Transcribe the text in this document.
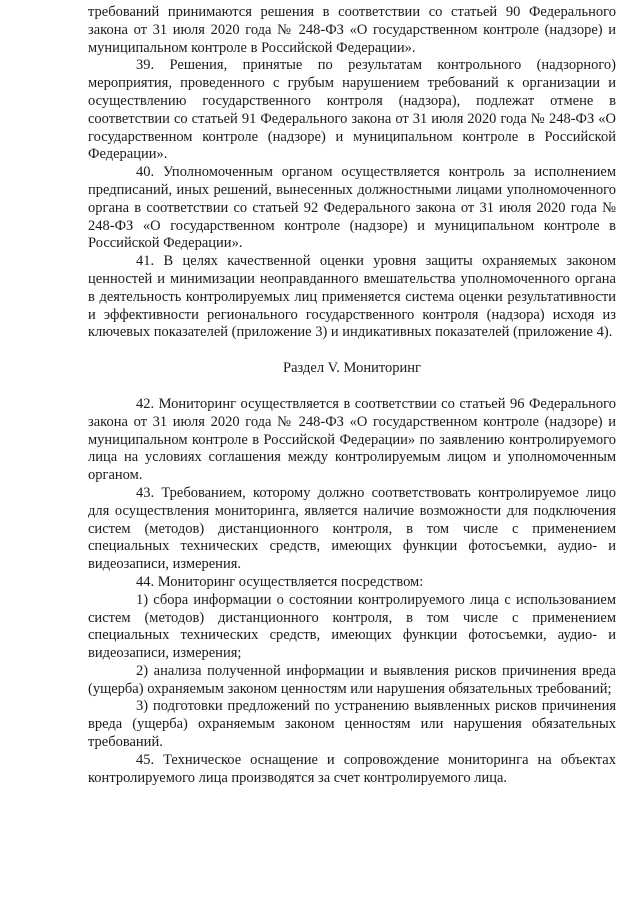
требований принимаются решения в соответствии со статьей 90 Федерального закона от 31 июля 2020 года № 248-ФЗ «О государственном контроле (надзоре) и муниципальном контроле в Российской Федерации».

39. Решения, принятые по результатам контрольного (надзорного) мероприятия, проведенного с грубым нарушением требований к организации и осуществлению государственного контроля (надзора), подлежат отмене в соответствии со статьей 91 Федерального закона от 31 июля 2020 года № 248-ФЗ «О государственном контроле (надзоре) и муниципальном контроле в Российской Федерации».

40. Уполномоченным органом осуществляется контроль за исполнением предписаний, иных решений, вынесенных должностными лицами уполномоченного органа в соответствии со статьей 92 Федерального закона от 31 июля 2020 года № 248-ФЗ «О государственном контроле (надзоре) и муниципальном контроле в Российской Федерации».

41. В целях качественной оценки уровня защиты охраняемых законом ценностей и минимизации неоправданного вмешательства уполномоченного органа в деятельность контролируемых лиц применяется система оценки результативности и эффективности регионального государственного контроля (надзора) исходя из ключевых показателей (приложение 3) и индикативных показателей (приложение 4).

Раздел V. Мониторинг

42. Мониторинг осуществляется в соответствии со статьей 96 Федерального закона от 31 июля 2020 года № 248-ФЗ «О государственном контроле (надзоре) и муниципальном контроле в Российской Федерации» по заявлению контролируемого лица на условиях соглашения между контролируемым лицом и уполномоченным органом.

43. Требованием, которому должно соответствовать контролируемое лицо для осуществления мониторинга, является наличие возможности для подключения систем (методов) дистанционного контроля, в том числе с применением специальных технических средств, имеющих функции фотосъемки, аудио- и видеозаписи, измерения.

44. Мониторинг осуществляется посредством:

1) сбора информации о состоянии контролируемого лица с использованием систем (методов) дистанционного контроля, в том числе с применением специальных технических средств, имеющих функции фотосъемки, аудио- и видеозаписи, измерения;

2) анализа полученной информации и выявления рисков причинения вреда (ущерба) охраняемым законом ценностям или нарушения обязательных требований;

3) подготовки предложений по устранению выявленных рисков причинения вреда (ущерба) охраняемым законом ценностям или нарушения обязательных требований.

45. Техническое оснащение и сопровождение мониторинга на объектах контролируемого лица производятся за счет контролируемого лица.
